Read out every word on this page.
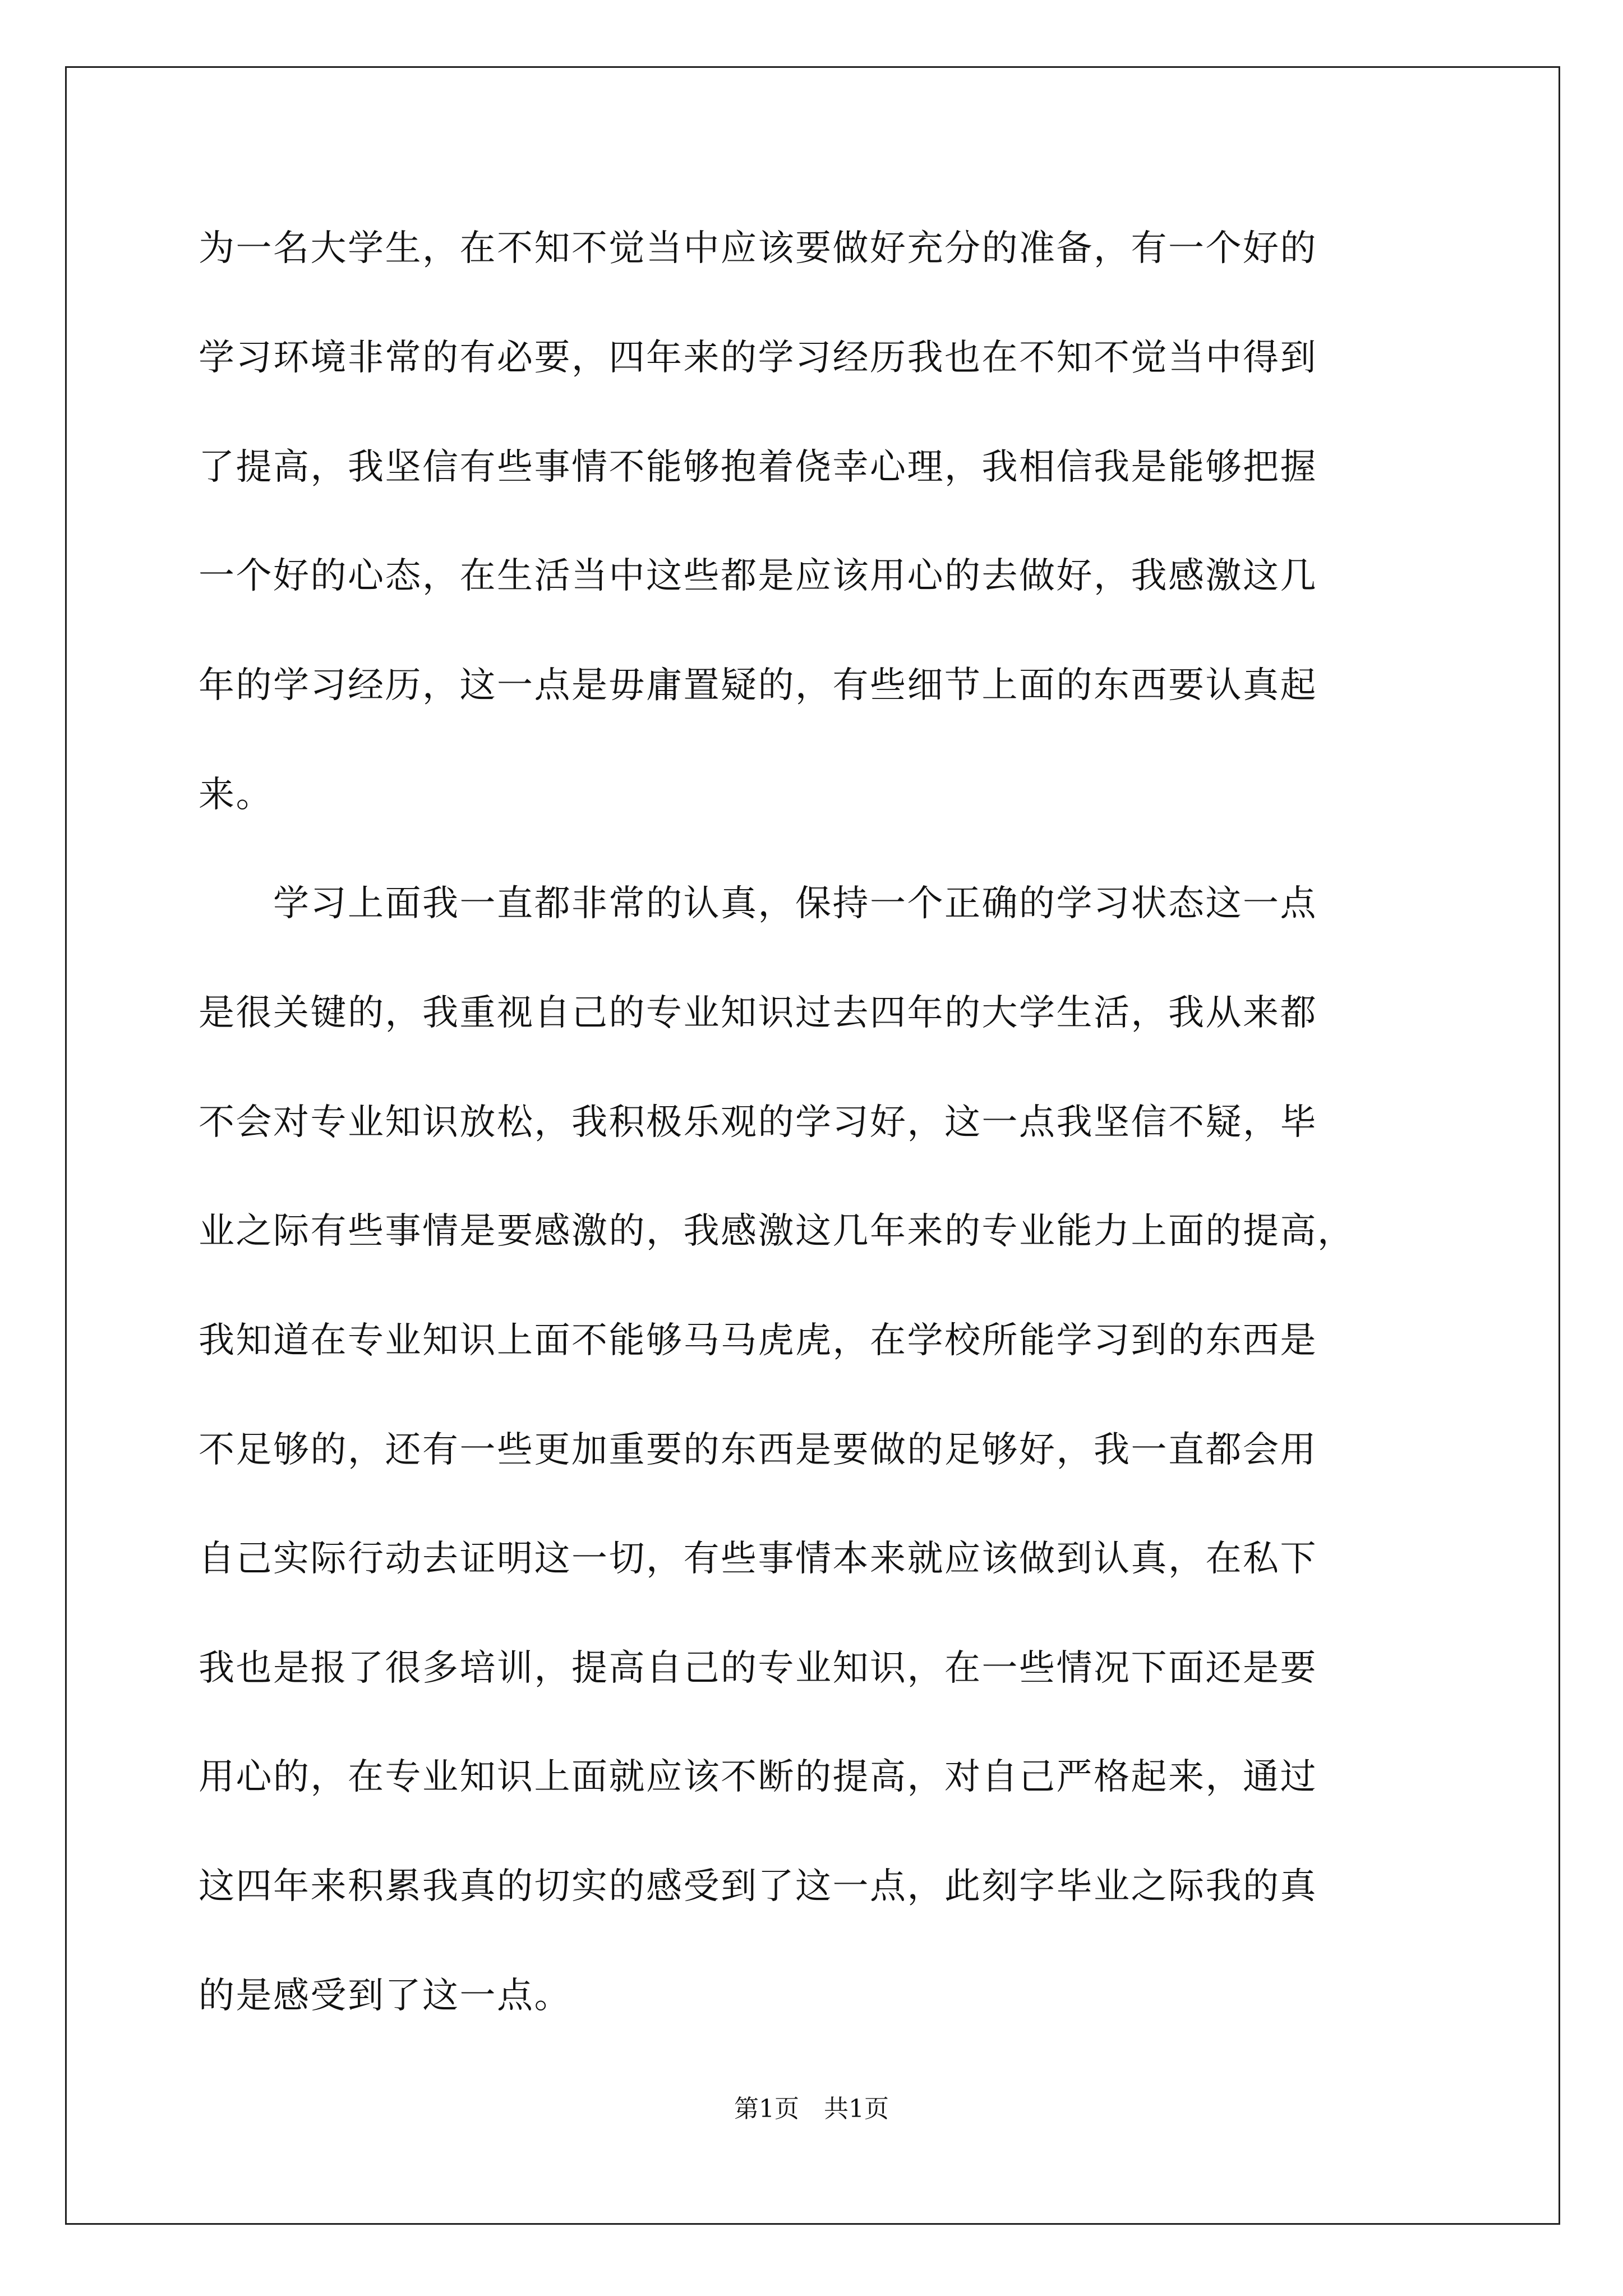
为一名大学生，在不知不觉当中应该要做好充分的准备，有一个好的
学习环境非常的有必要，四年来的学习经历我也在不知不觉当中得到
了提高，我坚信有些事情不能够抱着侥幸心理，我相信我是能够把握
一个好的心态，在生活当中这些都是应该用心的去做好，我感激这几
年的学习经历，这一点是毋庸置疑的，有些细节上面的东西要认真起
来。
　　学习上面我一直都非常的认真，保持一个正确的学习状态这一点
是很关键的，我重视自己的专业知识过去四年的大学生活，我从来都
不会对专业知识放松，我积极乐观的学习好，这一点我坚信不疑，毕
业之际有些事情是要感激的，我感激这几年来的专业能力上面的提高，
我知道在专业知识上面不能够马马虎虎，在学校所能学习到的东西是
不足够的，还有一些更加重要的东西是要做的足够好，我一直都会用
自己实际行动去证明这一切，有些事情本来就应该做到认真，在私下
我也是报了很多培训，提高自己的专业知识，在一些情况下面还是要
用心的，在专业知识上面就应该不断的提高，对自己严格起来，通过
这四年来积累我真的切实的感受到了这一点，此刻字毕业之际我的真
的是感受到了这一点。
第1页　共1页
